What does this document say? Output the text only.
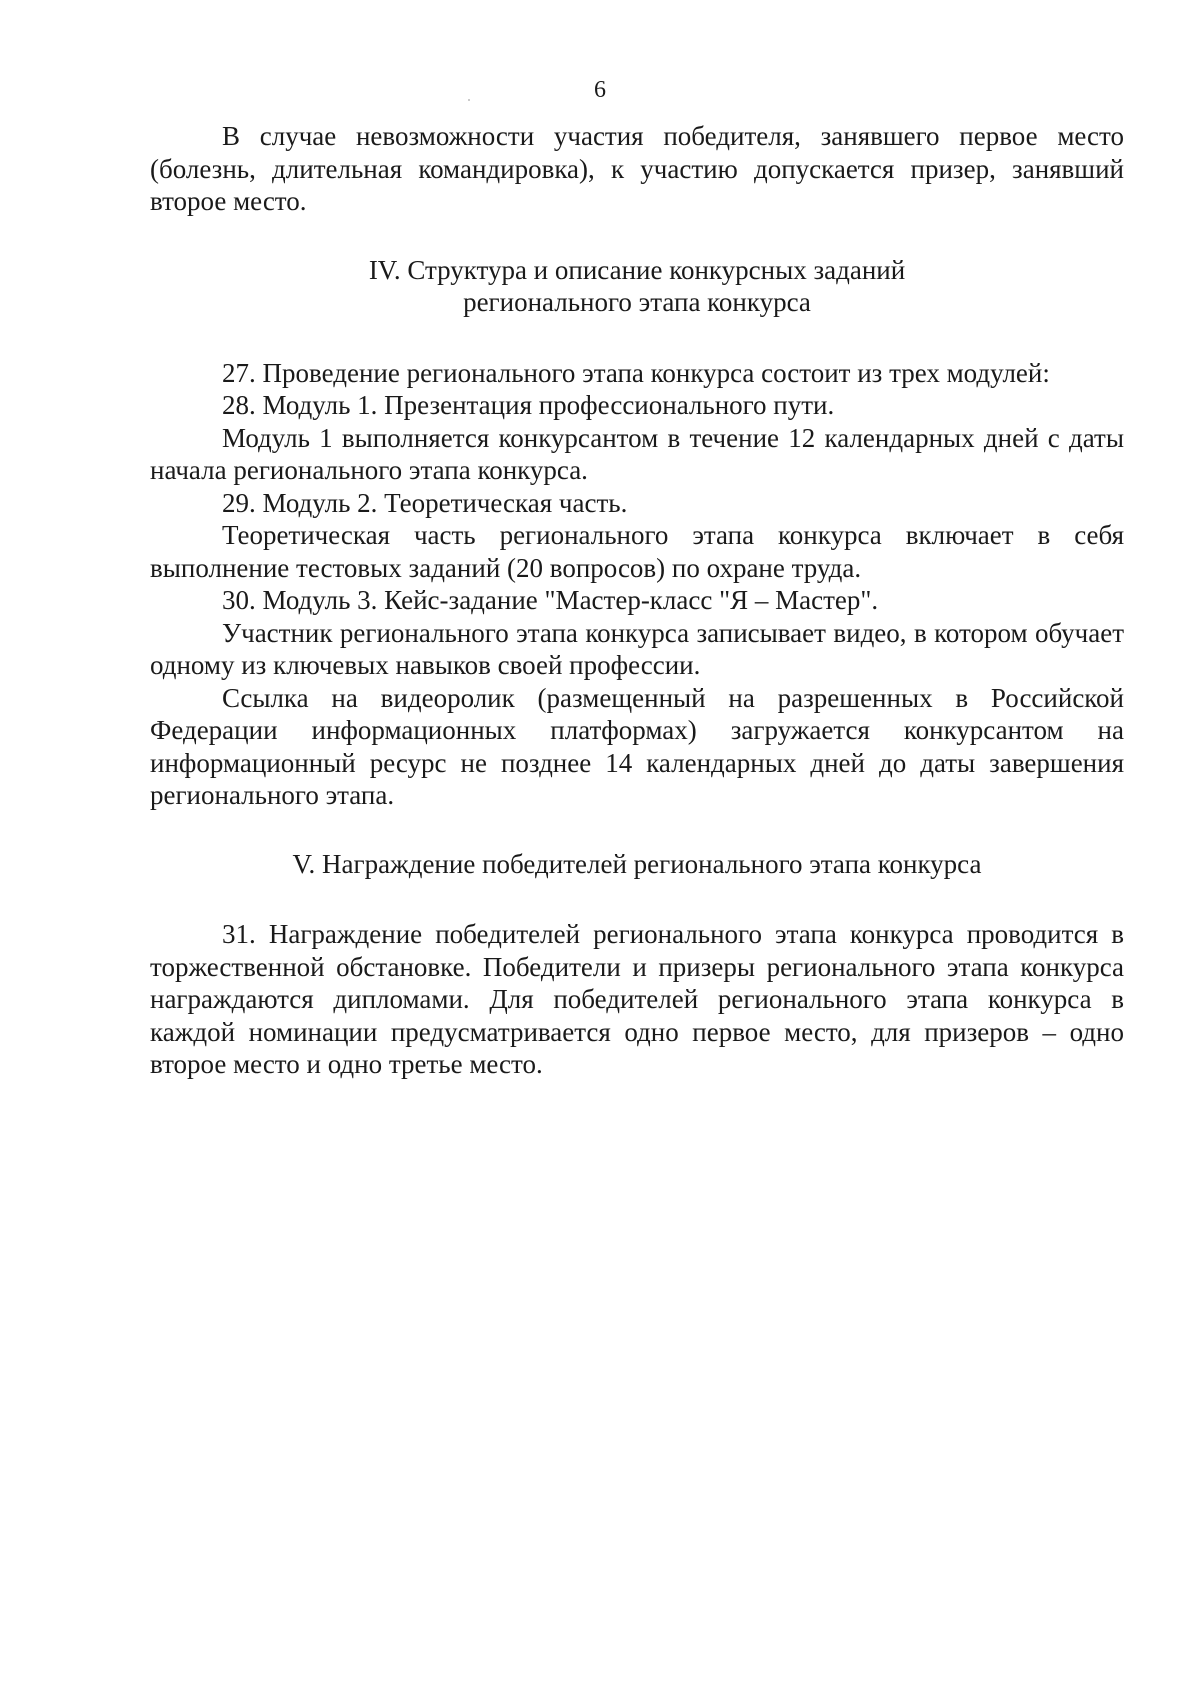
6

В случае невозможности участия победителя, занявшего первое место (болезнь, длительная командировка), к участию допускается призер, занявший второе место.

IV. Структура и описание конкурсных заданий

регионального этапа конкурса

27. Проведение регионального этапа конкурса состоит из трех модулей:

28. Модуль 1. Презентация профессионального пути.

Модуль 1 выполняется конкурсантом в течение 12 календарных дней с даты начала регионального этапа конкурса.

29. Модуль 2. Теоретическая часть.

Теоретическая часть регионального этапа конкурса включает в себя выполнение тестовых заданий (20 вопросов) по охране труда.

30. Модуль 3. Кейс-задание "Мастер-класс "Я – Мастер".

Участник регионального этапа конкурса записывает видео, в котором обучает одному из ключевых навыков своей профессии.

Ссылка на видеоролик (размещенный на разрешенных в Российской Федерации информационных платформах) загружается конкурсантом на информационный ресурс не позднее 14 календарных дней до даты завершения регионального этапа.

V. Награждение победителей регионального этапа конкурса

31. Награждение победителей регионального этапа конкурса проводится в торжественной обстановке. Победители и призеры регионального этапа конкурса награждаются дипломами. Для победителей регионального этапа конкурса в каждой номинации предусматривается одно первое место, для призеров – одно второе место и одно третье место.
